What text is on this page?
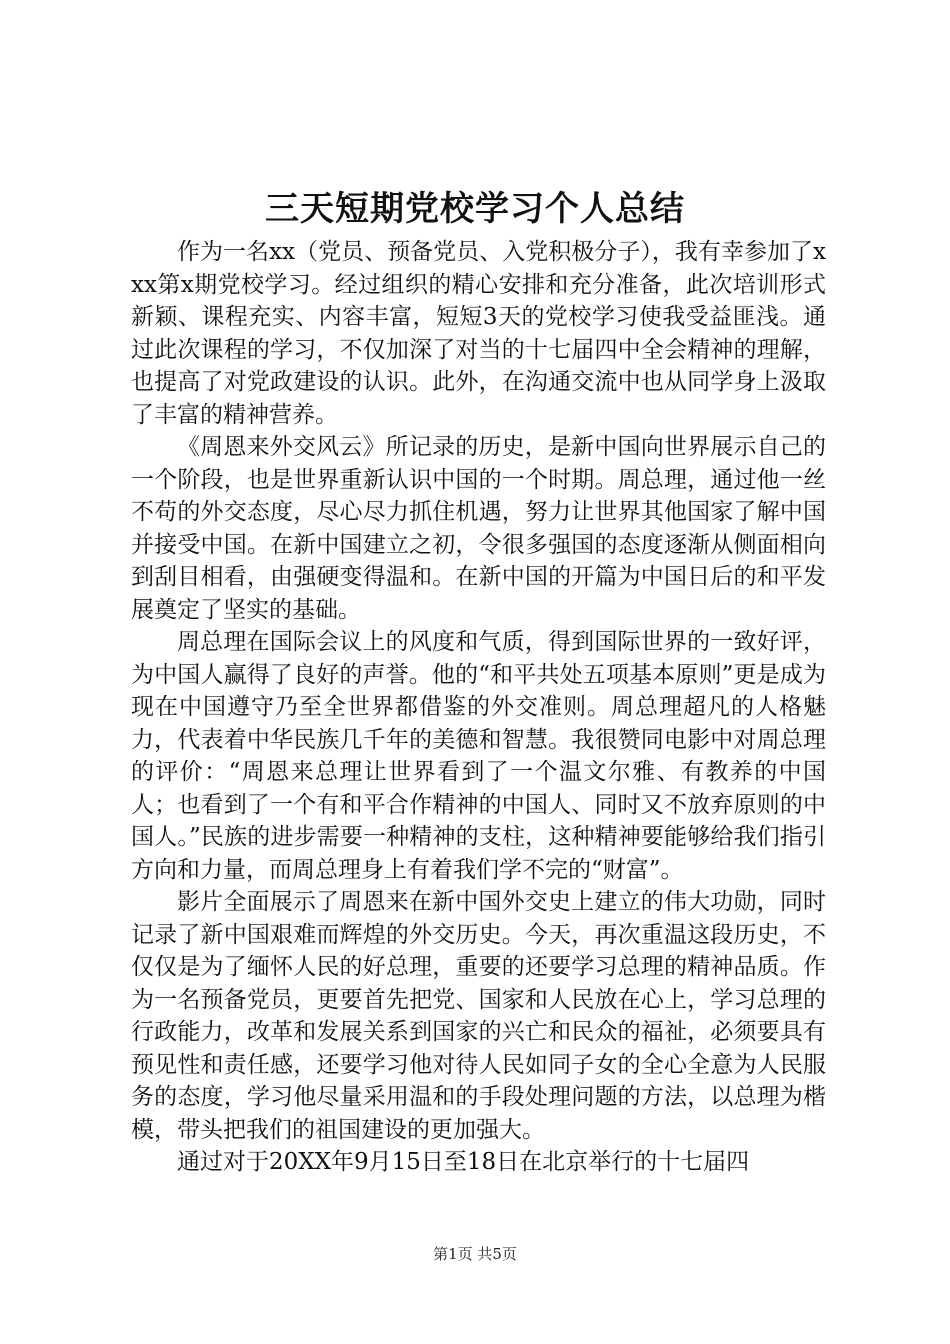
三天短期党校学习个人总结

作为一名xx（党员、预备党员、入党积极分子），我有幸参加了xxx第x期党校学习。经过组织的精心安排和充分准备，此次培训形式新颖、课程充实、内容丰富，短短3天的党校学习使我受益匪浅。通过此次课程的学习，不仅加深了对当的十七届四中全会精神的理解，也提高了对党政建设的认识。此外，在沟通交流中也从同学身上汲取了丰富的精神营养。

《周恩来外交风云》所记录的历史，是新中国向世界展示自己的一个阶段，也是世界重新认识中国的一个时期。周总理，通过他一丝不苟的外交态度，尽心尽力抓住机遇，努力让世界其他国家了解中国并接受中国。在新中国建立之初，令很多强国的态度逐渐从侧面相向到刮目相看，由强硬变得温和。在新中国的开篇为中国日后的和平发展奠定了坚实的基础。

周总理在国际会议上的风度和气质，得到国际世界的一致好评，为中国人赢得了良好的声誉。他的“和平共处五项基本原则”更是成为现在中国遵守乃至全世界都借鉴的外交准则。周总理超凡的人格魅力，代表着中华民族几千年的美德和智慧。我很赞同电影中对周总理的评价：“周恩来总理让世界看到了一个温文尔雅、有教养的中国人；也看到了一个有和平合作精神的中国人、同时又不放弃原则的中国人。”民族的进步需要一种精神的支柱，这种精神要能够给我们指引方向和力量，而周总理身上有着我们学不完的“财富”。

影片全面展示了周恩来在新中国外交史上建立的伟大功勋，同时记录了新中国艰难而辉煌的外交历史。今天，再次重温这段历史，不仅仅是为了缅怀人民的好总理，重要的还要学习总理的精神品质。作为一名预备党员，更要首先把党、国家和人民放在心上，学习总理的行政能力，改革和发展关系到国家的兴亡和民众的福祉，必须要具有预见性和责任感，还要学习他对待人民如同子女的全心全意为人民服务的态度，学习他尽量采用温和的手段处理问题的方法，以总理为楷模，带头把我们的祖国建设的更加强大。

通过对于20XX年9月15日至18日在北京举行的十七届四

第1页 共5页
